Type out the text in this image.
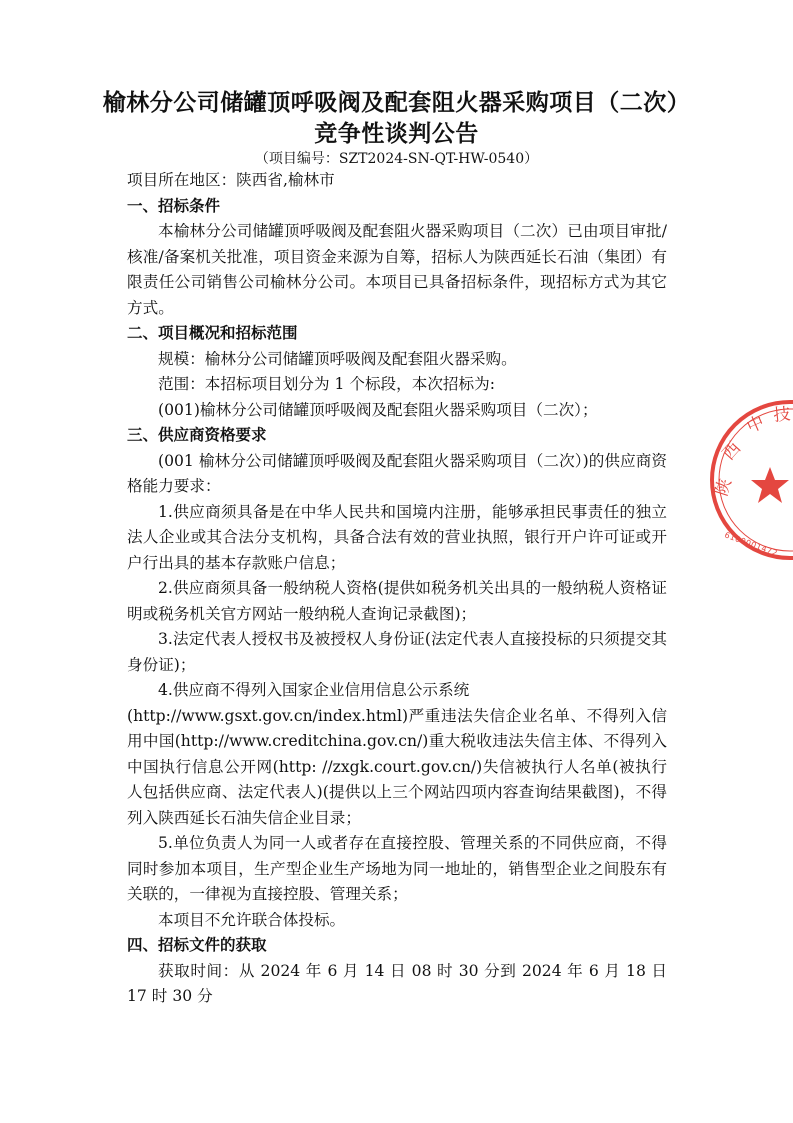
榆林分公司储罐顶呼吸阀及配套阻火器采购项目（二次）
竞争性谈判公告
（项目编号：SZT2024-SN-QT-HW-0540）

项目所在地区：陕西省,榆林市

一、招标条件

本榆林分公司储罐顶呼吸阀及配套阻火器采购项目（二次）已由项目审批/核准/备案机关批准，项目资金来源为自筹，招标人为陕西延长石油（集团）有限责任公司销售公司榆林分公司。本项目已具备招标条件，现招标方式为其它方式。

二、项目概况和招标范围

规模：榆林分公司储罐顶呼吸阀及配套阻火器采购。

范围：本招标项目划分为 1 个标段，本次招标为:

(001)榆林分公司储罐顶呼吸阀及配套阻火器采购项目（二次）；

三、供应商资格要求

(001 榆林分公司储罐顶呼吸阀及配套阻火器采购项目（二次）)的供应商资格能力要求：

1.供应商须具备是在中华人民共和国境内注册，能够承担民事责任的独立法人企业或其合法分支机构，具备合法有效的营业执照，银行开户许可证或开户行出具的基本存款账户信息；

2.供应商须具备一般纳税人资格(提供如税务机关出具的一般纳税人资格证明或税务机关官方网站一般纳税人查询记录截图)；

3.法定代表人授权书及被授权人身份证(法定代表人直接投标的只须提交其身份证)；

4.供应商不得列入国家企业信用信息公示系统

(http://www.gsxt.gov.cn/index.html)严重违法失信企业名单、不得列入信用中国(http://www.creditchina.gov.cn/)重大税收违法失信主体、不得列入中国执行信息公开网(http: //zxgk.court.gov.cn/)失信被执行人名单(被执行人包括供应商、法定代表人)(提供以上三个网站四项内容查询结果截图)，不得列入陕西延长石油失信企业目录；

5.单位负责人为同一人或者存在直接控股、管理关系的不同供应商，不得同时参加本项目，生产型企业生产场地为同一地址的，销售型企业之间股东有关联的，一律视为直接控股、管理关系；

本项目不允许联合体投标。

四、招标文件的获取

获取时间：从 2024 年 6 月 14 日 08 时 30 分到 2024 年 6 月 18 日 17 时 30 分

陕
西
中 技
6100001472
